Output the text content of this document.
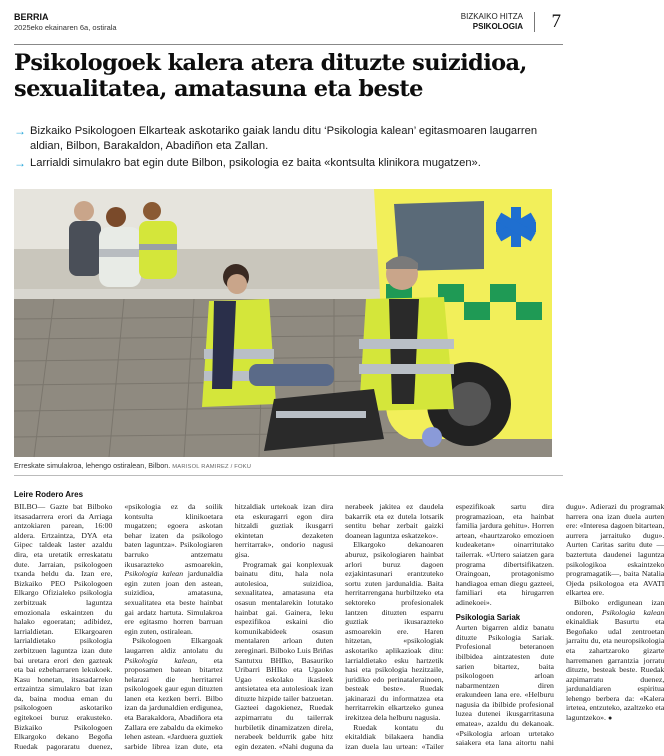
BERRIA
2025eko ekainaren 6a, ostirala
BIZKAIKO HITZA
PSIKOLOGIA 7
Psikologoek kalera atera dituzte suizidioa, sexualitatea, amatasuna eta beste
→ Bizkaiko Psikologoen Elkarteak askotariko gaiak landu ditu ‘Psikologia kalean’ egitasmoaren laugarren aldian, Bilbon, Barakaldon, Abadiñon eta Zallan.
→ Larrialdi simulakro bat egin dute Bilbon, psikologia ez baita «kontsulta klinikora mugatzen».
Erreskate simulakroa, lehengo ostiralean, Bilbon. MARISOL RAMIREZ / FOKU
Leire Rodero Ares

BILBO— Gazte bat Bilboko itsasadarrera erori da Arriaga antzokiaren parean, 16:00 aldera. Ertzaintza, DYA eta Gipec taldeak laster azaldu dira, eta uretatik erreskatatu dute. Jarraian, psikologoen txanda heldu da. Izan ere, Bizkaiko PEO Psikologoen Elkargo Ofizialeko psikologia zerbitzuak laguntza emozionala eskaintzen du halako egoeratan; adibidez, larrialdietan. Elkargoaren larrialdietako psikologia zerbitzuen laguntza izan dute bai uretara erori den gazteak eta bai ezbeharraren lekukoek. Kasu honetan, itsasadarreko ertzaintza simulakro bat izan da, baina modua eman du psikologoen askotariko egitekoei buruz erakusteko. Bizkaiko Psikologoen Elkargoko dekano Begoña Ruedak pagoraratu duenez, «psikologia ez da soilik kontsulta klinikoetara mugatzen; egoera askotan behar izaten da psikologo baten laguntza». Psikologiaren barruko antzematu ikusarazteko asmoarekin, Psikologia kalean jardunaldia egin zuten joan den astean, suizidioa, amatasuna, sexualitatea eta beste hainbat gai ardatz hartuta. Simulakroa ere egitasmo horren barruan egin zuten, ostiralean.

Psikologoen Elkargoak laugarren aldiz antolatu du Psikologia kalean, eta proposamen batean bitartez helarazi die herritarrei psikologoek gaur egun dituzten lanen eta kezken berri. Bilbo izan da jardunaldien erdigunea, eta Barakaldora, Abadiñora eta Zallara ere zabaldu da ekimeko lehen astean. «Jarduera guztiek sarbide librea izan dute, eta hitzaldiak urtekoak izan dira eta eskuragarri egon dira hitzaldi guztiak ikusgarri ekintetan dezaketen herritarrak», ondorio nagusi gisa.

Programak gai konplexuak bainatu ditu, hala nola autolesioa, suizidioa, sexualitatea, amatasuna eta osasun mentalarekin lotutako hainbat gai. Gainera, leku espezifikoa eskaini dio komunikabideek osasun mentalaren arloan duten zereginari. Bilboko Luis Briñas Santutxu BHIko, Basauriko Uribarri BHIko eta Ugaoko Ugao eskolako ikasleek antsietatea eta autolesioak izan dituzte hizpide tailer batzuetan. Gazteei dagokienez, Ruedak azpimarratu du tailerrak hurbiletik dinamizatzen direla, nerabeek beldurrik gabe hitz egin dezaten. «Nahi duguna da nerabeek jakitea ez daudela bakarrik eta ez dutela lotsarik sentitu behar zerbait gaizki doanean laguntza eskatzeko».

Elkargoko dekanoaren aburuz, psikologiaren hainbat arlori buruz dagoen ezjakintasunari erantzuteko sortu zuten jardunaldia. Baita herritarrengana hurbiltzeko eta sektoreko profesionalek lantzen dituzten esparru guztiak ikusarazteko asmoarekin ere. Haren hitzetan, «psikologiak askotariko aplikazioak ditu: larrialdietako esku hartzetik hasi eta psikologia hezitzaile, juridiko edo perinatalerainoen, besteak beste». Ruedak jakinarazi du informatzea eta herritarrekin elkartzeko gunea irekitzea dela helburu nagusia.

Ruedak kontatu du ekitaldiak bilakaera handia izan duela lau urtean: «Tailer espezifikoak sartu dira programazioan, eta hainbat familia jardura gehitu». Horren artean, «haurtzaroko emozioen kudeaketan» oinarritutako tailerrak. «Urtero saiatzen gara programa dibertsifikatzen. Oraingoan, protagonismo handiagoa eman diegu gazteei, familiari eta hirugarren adinekoei».

Psikologia Sariak

Aurten bigarren aldiz banatu dituzte Psikologia Sariak. Profesional beteranoen ibilbidea aintzatesten dute sarien bitartez, baita psikologoen arloan nabarmentzen diren erakundeen lana ere. «Helburu nagusia da ibilbide profesional luzea dutenei ikusgarritasuna ematea», azaldu du dekanoak. «Psikologia arloan urtetako saiakera eta lana aitortu nahi dugu». Adierazi du programak harrera ona izan duela aurten ere: «Interesa dagoen bitartean, aurrera jarraituko dugu». Aurten Caritas saritu dute —baztertuta daudenei laguntza psikologikoa eskaintzeko programagatik—, baita Natalia Ojeda psikologoa eta AVATI elkartea ere.

Bilboko erdigunean izan ondoren, Psikologia kalean ekinaldiak Basurtu eta Begoñako udal zentroetan jarraitu du, eta neuropsikologia eta zahartzaroko gizarte harremanen garrantzia jorratu dituzte, besteak beste. Ruedak azpimarratu duenez, jardunaldiaren espiritua lehengo berbera da: «Kalera irtetea, entzuteko, azaltzeko eta laguntzeko». ●
